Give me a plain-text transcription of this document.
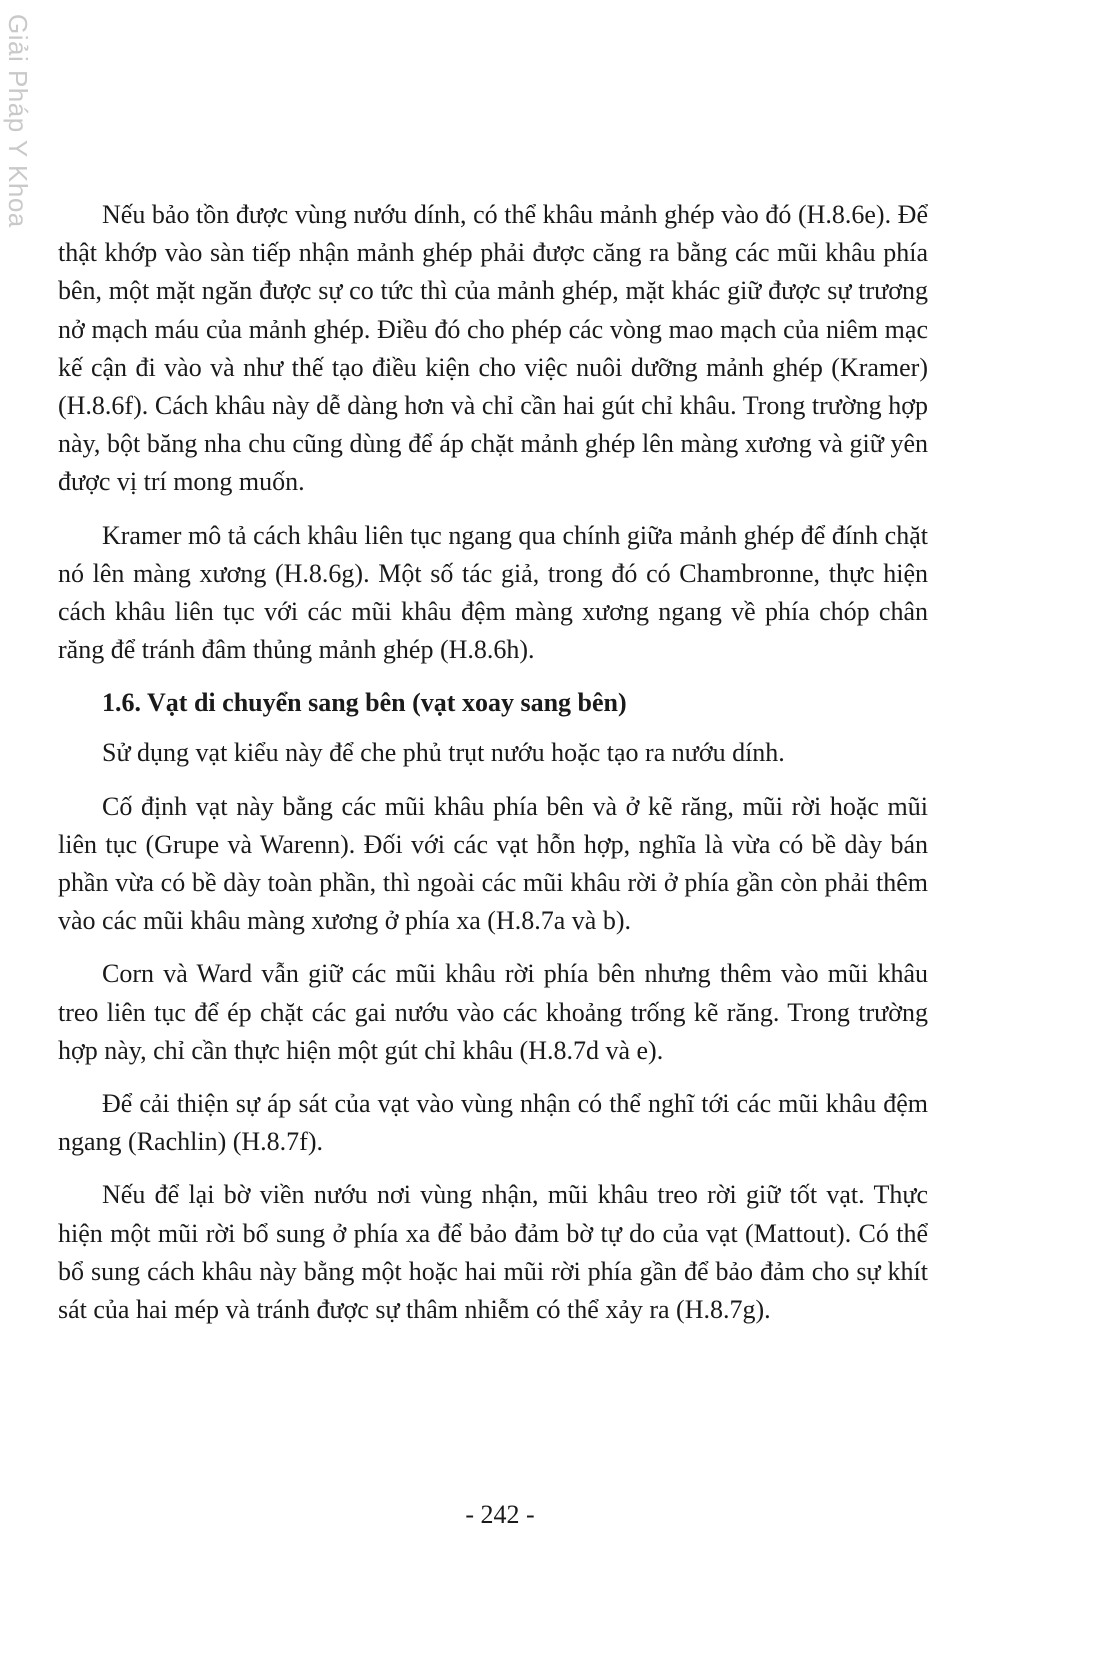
Giải Pháp Y Khoa	Nếu bảo tồn được vùng nướu dính, có thể khâu mảnh ghép vào đó (H.8.6e). Để thật khớp vào sàn tiếp nhận mảnh ghép phải được căng ra bằng các mũi khâu phía bên, một mặt ngăn được sự co tức thì của mảnh ghép, mặt khác giữ được sự trương nở mạch máu của mảnh ghép. Điều đó cho phép các vòng mao mạch của niêm mạc kế cận đi vào và như thế tạo điều kiện cho việc nuôi dưỡng mảnh ghép (Kramer) (H.8.6f). Cách khâu này dễ dàng hơn và chỉ cần hai gút chỉ khâu. Trong trường hợp này, bột băng nha chu cũng dùng để áp chặt mảnh ghép lên màng xương và giữ yên được vị trí mong muốn.

Kramer mô tả cách khâu liên tục ngang qua chính giữa mảnh ghép để đính chặt nó lên màng xương (H.8.6g). Một số tác giả, trong đó có Chambronne, thực hiện cách khâu liên tục với các mũi khâu đệm màng xương ngang về phía chóp chân răng để tránh đâm thủng mảnh ghép (H.8.6h).

1.6. Vạt di chuyển sang bên (vạt xoay sang bên)

Sử dụng vạt kiểu này để che phủ trụt nướu hoặc tạo ra nướu dính.

Cố định vạt này bằng các mũi khâu phía bên và ở kẽ răng, mũi rời hoặc mũi liên tục (Grupe và Warenn). Đối với các vạt hỗn hợp, nghĩa là vừa có bề dày bán phần vừa có bề dày toàn phần, thì ngoài các mũi khâu rời ở phía gần còn phải thêm vào các mũi khâu màng xương ở phía xa (H.8.7a và b).

Corn và Ward vẫn giữ các mũi khâu rời phía bên nhưng thêm vào mũi khâu treo liên tục để ép chặt các gai nướu vào các khoảng trống kẽ răng. Trong trường hợp này, chỉ cần thực hiện một gút chỉ khâu (H.8.7d và e).

Để cải thiện sự áp sát của vạt vào vùng nhận có thể nghĩ tới các mũi khâu đệm ngang (Rachlin) (H.8.7f).

Nếu để lại bờ viền nướu nơi vùng nhận, mũi khâu treo rời giữ tốt vạt. Thực hiện một mũi rời bổ sung ở phía xa để bảo đảm bờ tự do của vạt (Mattout). Có thể bổ sung cách khâu này bằng một hoặc hai mũi rời phía gần để bảo đảm cho sự khít sát của hai mép và tránh được sự thâm nhiễm có thể xảy ra (H.8.7g).

- 242 -
